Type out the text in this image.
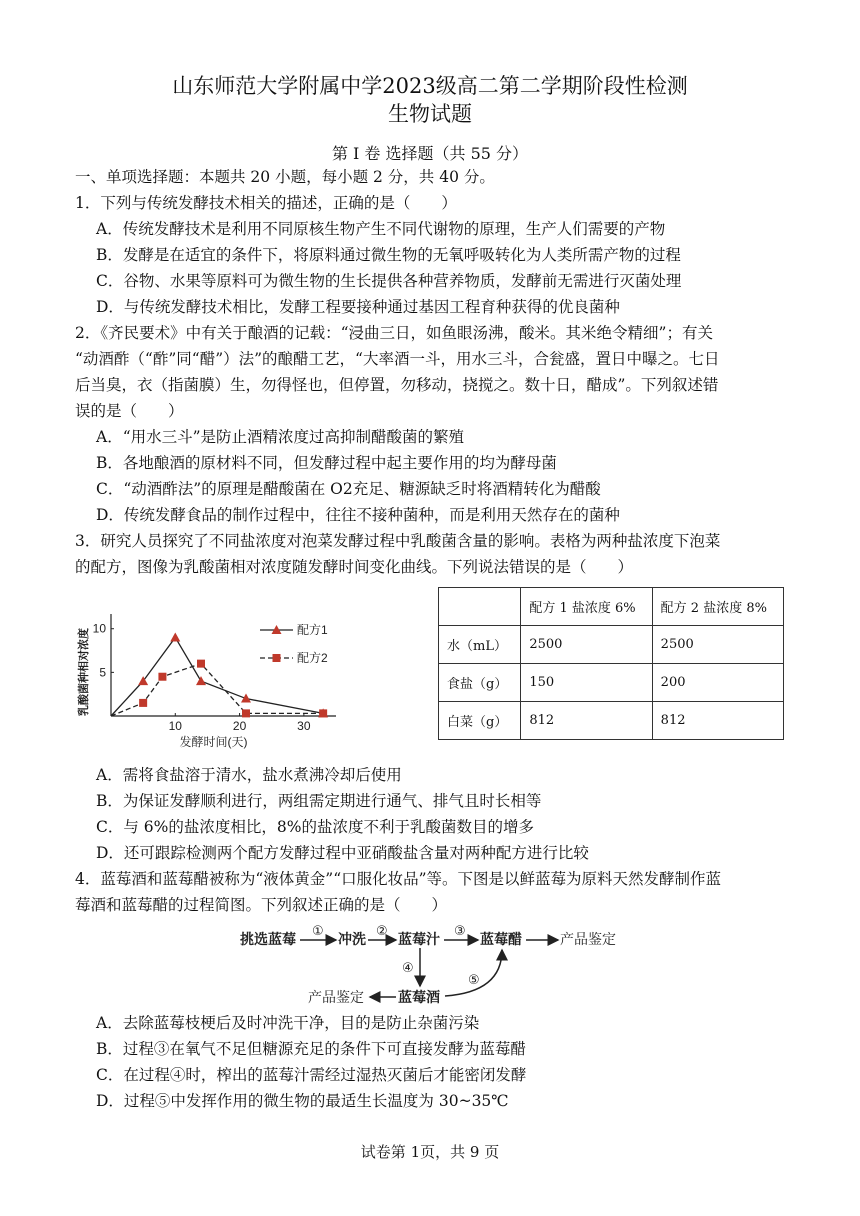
山东师范大学附属中学2023级高二第二学期阶段性检测
生物试题
第 I 卷 选择题（共 55 分）
一、单项选择题：本题共 20 小题，每小题 2 分，共 40 分。
1．下列与传统发酵技术相关的描述，正确的是（　　）
A．传统发酵技术是利用不同原核生物产生不同代谢物的原理，生产人们需要的产物
B．发酵是在适宜的条件下，将原料通过微生物的无氧呼吸转化为人类所需产物的过程
C．谷物、水果等原料可为微生物的生长提供各种营养物质，发酵前无需进行灭菌处理
D．与传统发酵技术相比，发酵工程要接种通过基因工程育种获得的优良菌种
2．《齐民要术》中有关于酿酒的记载：“浸曲三日，如鱼眼汤沸，酸米。其米绝令精细”；有关
“动酒酢（“酢”同“醋”）法”的酿醋工艺，“大率酒一斗，用水三斗，合瓮盛，置日中曝之。七日
后当臭，衣（指菌膜）生，勿得怪也，但停置，勿移动，挠搅之。数十日，醋成”。下列叙述错
误的是（　　）
A．“用水三斗”是防止酒精浓度过高抑制醋酸菌的繁殖
B．各地酿酒的原材料不同，但发酵过程中起主要作用的均为酵母菌
C．“动酒酢法”的原理是醋酸菌在 O2充足、糖源缺乏时将酒精转化为醋酸
D．传统发酵食品的制作过程中，往往不接种菌种，而是利用天然存在的菌种
3．研究人员探究了不同盐浓度对泡菜发酵过程中乳酸菌含量的影响。表格为两种盐浓度下泡菜
的配方，图像为乳酸菌相对浓度随发酵时间变化曲线。下列说法错误的是（　　）
10	20	30
5
10
发酵时间(天)
乳酸菌种相对浓度	配方1
配方2
	配方 1 盐浓度 6%	配方 2 盐浓度 8%
水（mL）	2500	2500
食盐（g）	150	200
白菜（g）	812	812
A．需将食盐溶于清水，盐水煮沸冷却后使用
B．为保证发酵顺利进行，两组需定期进行通气、排气且时长相等
C．与 6%的盐浓度相比，8%的盐浓度不利于乳酸菌数目的增多
D．还可跟踪检测两个配方发酵过程中亚硝酸盐含量对两种配方进行比较
4．蓝莓酒和蓝莓醋被称为“液体黄金”“口服化妆品”等。下图是以鲜蓝莓为原料天然发酵制作蓝
莓酒和蓝莓醋的过程简图。下列叙述正确的是（　　）
挑选蓝莓	冲洗 蓝莓汁	蓝莓醋	产品鉴定
蓝莓酒
产品鉴定
①	②	③
④
⑤
A．去除蓝莓枝梗后及时冲洗干净，目的是防止杂菌污染
B．过程③在氧气不足但糖源充足的条件下可直接发酵为蓝莓醋
C．在过程④时，榨出的蓝莓汁需经过湿热灭菌后才能密闭发酵
D．过程⑤中发挥作用的微生物的最适生长温度为 30~35℃
试卷第 1页，共 9 页
